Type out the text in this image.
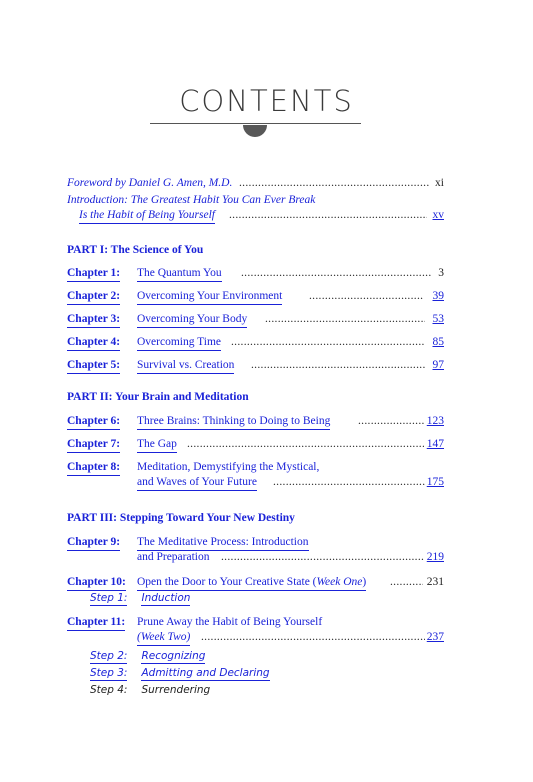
CONTENTS
Foreword by Daniel G. Amen, M.D. .....	xi
Introduction: The Greatest Habit You Can Ever Break
Is the Habit of Being Yourself .....	xv
PART I: The Science of You
Chapter 1: The Quantum You .....	3
Chapter 2: Overcoming Your Environment .....	39
Chapter 3: Overcoming Your Body .....	53
Chapter 4: Overcoming Time .....	85
Chapter 5: Survival vs. Creation .....	97
PART II: Your Brain and Meditation
Chapter 6: Three Brains: Thinking to Doing to Being .....	123
Chapter 7: The Gap .....	147
Chapter 8: Meditation, Demystifying the Mystical,
and Waves of Your Future .....	175
PART III: Stepping Toward Your New Destiny
Chapter 9: The Meditative Process: Introduction
and Preparation .....	219
Chapter 10: Open the Door to Your Creative State (Week One) .....	231
Step 1: Induction
Chapter 11: Prune Away the Habit of Being Yourself
(Week Two) .....	237
Step 2: Recognizing
Step 3: Admitting and Declaring
Step 4: Surrendering
